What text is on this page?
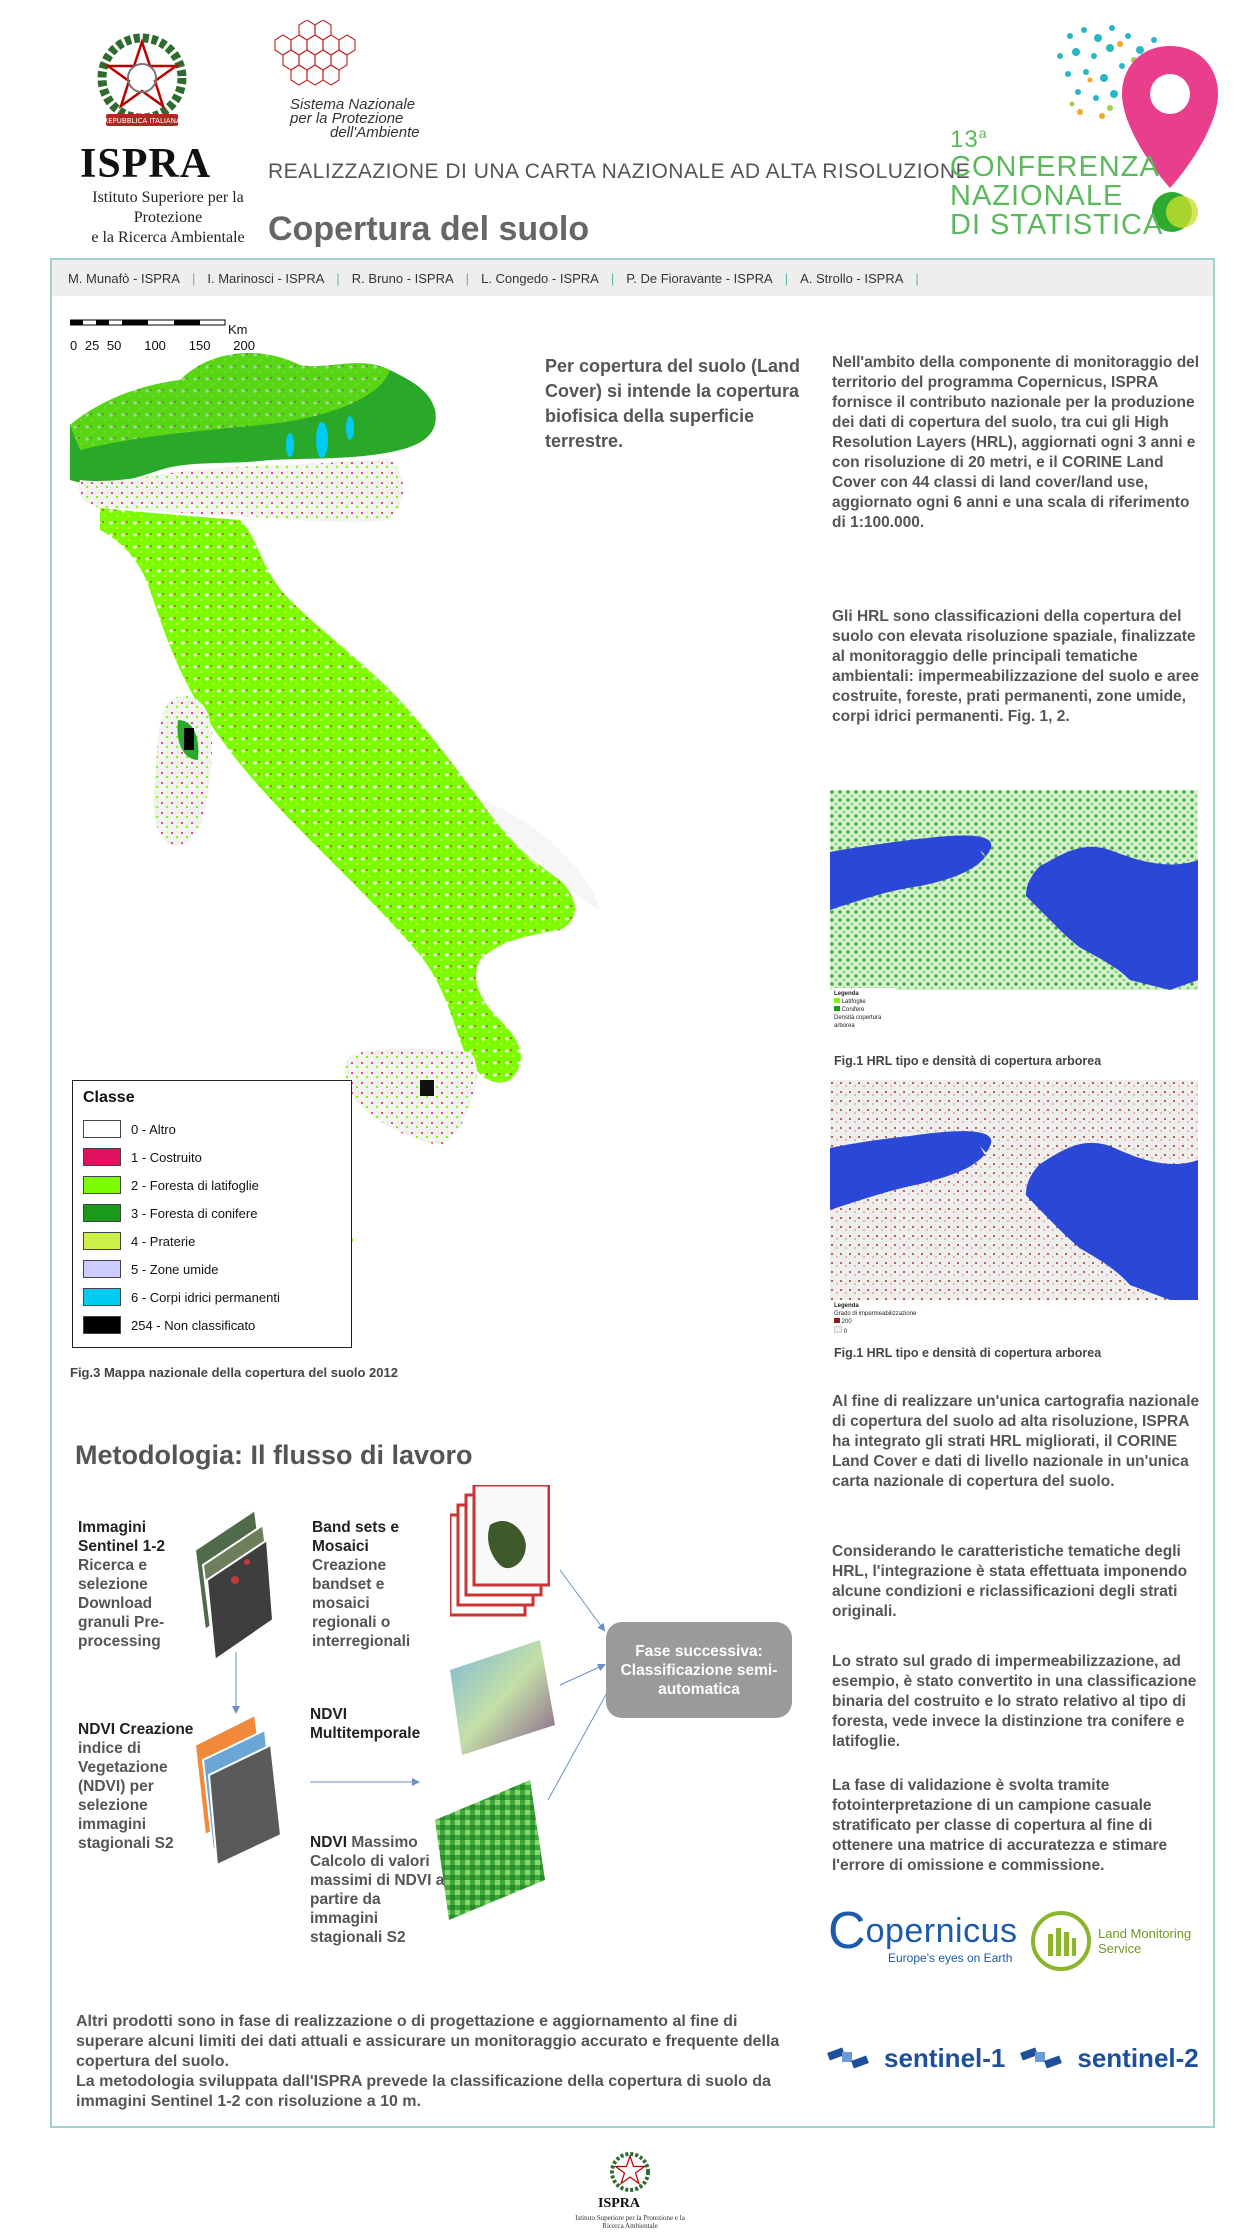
REPUBBLICA ITALIANA
ISPRA
Istituto Superiore per la Protezione
e la Ricerca Ambientale
Sistema Nazionale
per la Protezione
dell'Ambiente
REALIZZAZIONE DI UNA CARTA NAZIONALE AD ALTA RISOLUZIONE
Copertura del suolo
13$^a$
CONFERENZA
NAZIONALE
DI STATISTICA
M. Munafò - ISPRA | I. Marinosci - ISPRA | R. Bruno - ISPRA | L. Congedo - ISPRA | P. De Fioravante - ISPRA | A. Strollo - ISPRA |
0 25 50   100   150   200
Km
Classe
0 - Altro
1 - Costruito
2 - Foresta di latifoglie
3 - Foresta di conifere
4 - Praterie
5 - Zone umide
6 - Corpi idrici permanenti
254 - Non classificato
Fig.3 Mappa nazionale della copertura del suolo 2012
Per copertura del suolo (Land Cover) si intende la copertura biofisica della superficie terrestre.
Nell'ambito della componente di monitoraggio del territorio del programma Copernicus, ISPRA fornisce il contributo nazionale per la produzione dei dati di copertura del suolo, tra cui gli High Resolution Layers (HRL), aggiornati ogni 3 anni e con risoluzione di 20 metri, e il CORINE Land Cover con 44 classi di land cover/land use, aggiornato ogni 6 anni e una scala di riferimento di 1:100.000.
Gli HRL sono classificazioni della copertura del suolo con elevata risoluzione spaziale, finalizzate al monitoraggio delle principali tematiche ambientali: impermeabilizzazione del suolo e aree costruite, foreste, prati permanenti, zone umide, corpi idrici permanenti. Fig. 1, 2.
Legenda
Latifoglie
Conifere
Densità copertura arborea
Fig.1 HRL tipo e densità di copertura arborea
Legenda
Grado di impermeabilizzazione
200
0
Fig.1 HRL tipo e densità di copertura arborea
Al fine di realizzare un'unica cartografia nazionale di copertura del suolo ad alta risoluzione, ISPRA ha integrato gli strati HRL migliorati, il CORINE Land Cover e dati di livello nazionale in un'unica carta nazionale di copertura del suolo.
Considerando le caratteristiche tematiche degli HRL, l'integrazione è stata effettuata imponendo alcune condizioni e riclassificazioni degli strati originali.
Lo strato sul grado di impermeabilizzazione, ad esempio, è stato convertito in una classificazione binaria del costruito e lo strato relativo al tipo di foresta, vede invece la distinzione tra conifere e latifoglie.
La fase di validazione è svolta tramite fotointerpretazione di un campione casuale stratificato per classe di copertura al fine di ottenere una matrice di accuratezza e stimare l'errore di omissione e commissione.
Metodologia: Il flusso di lavoro
Immagini Sentinel 1-2
Ricerca e selezione Download granuli Pre-processing
Band sets e Mosaici
Creazione bandset e mosaici regionali o interregionali
NDVI Creazione
indice di Vegetazione (NDVI) per selezione immagini stagionali S2
NDVI Multitemporale
NDVI Massimo Calcolo di valori massimi di NDVI a partire da immagini stagionali S2
Fase successiva: Classificazione semi-automatica
Altri prodotti sono in fase di realizzazione o di progettazione e aggiornamento al fine di superare alcuni limiti dei dati attuali e assicurare un monitoraggio accurato e frequente della copertura del suolo.
La metodologia sviluppata dall'ISPRA prevede la classificazione della copertura di suolo da immagini Sentinel 1-2 con risoluzione a 10 m.
C opernicus
Europe's eyes on Earth
Land Monitoring
Service
sentinel-1	sentinel-2
ISPRA
Istituto Superiore per la Protezione e la Ricerca Ambientale
